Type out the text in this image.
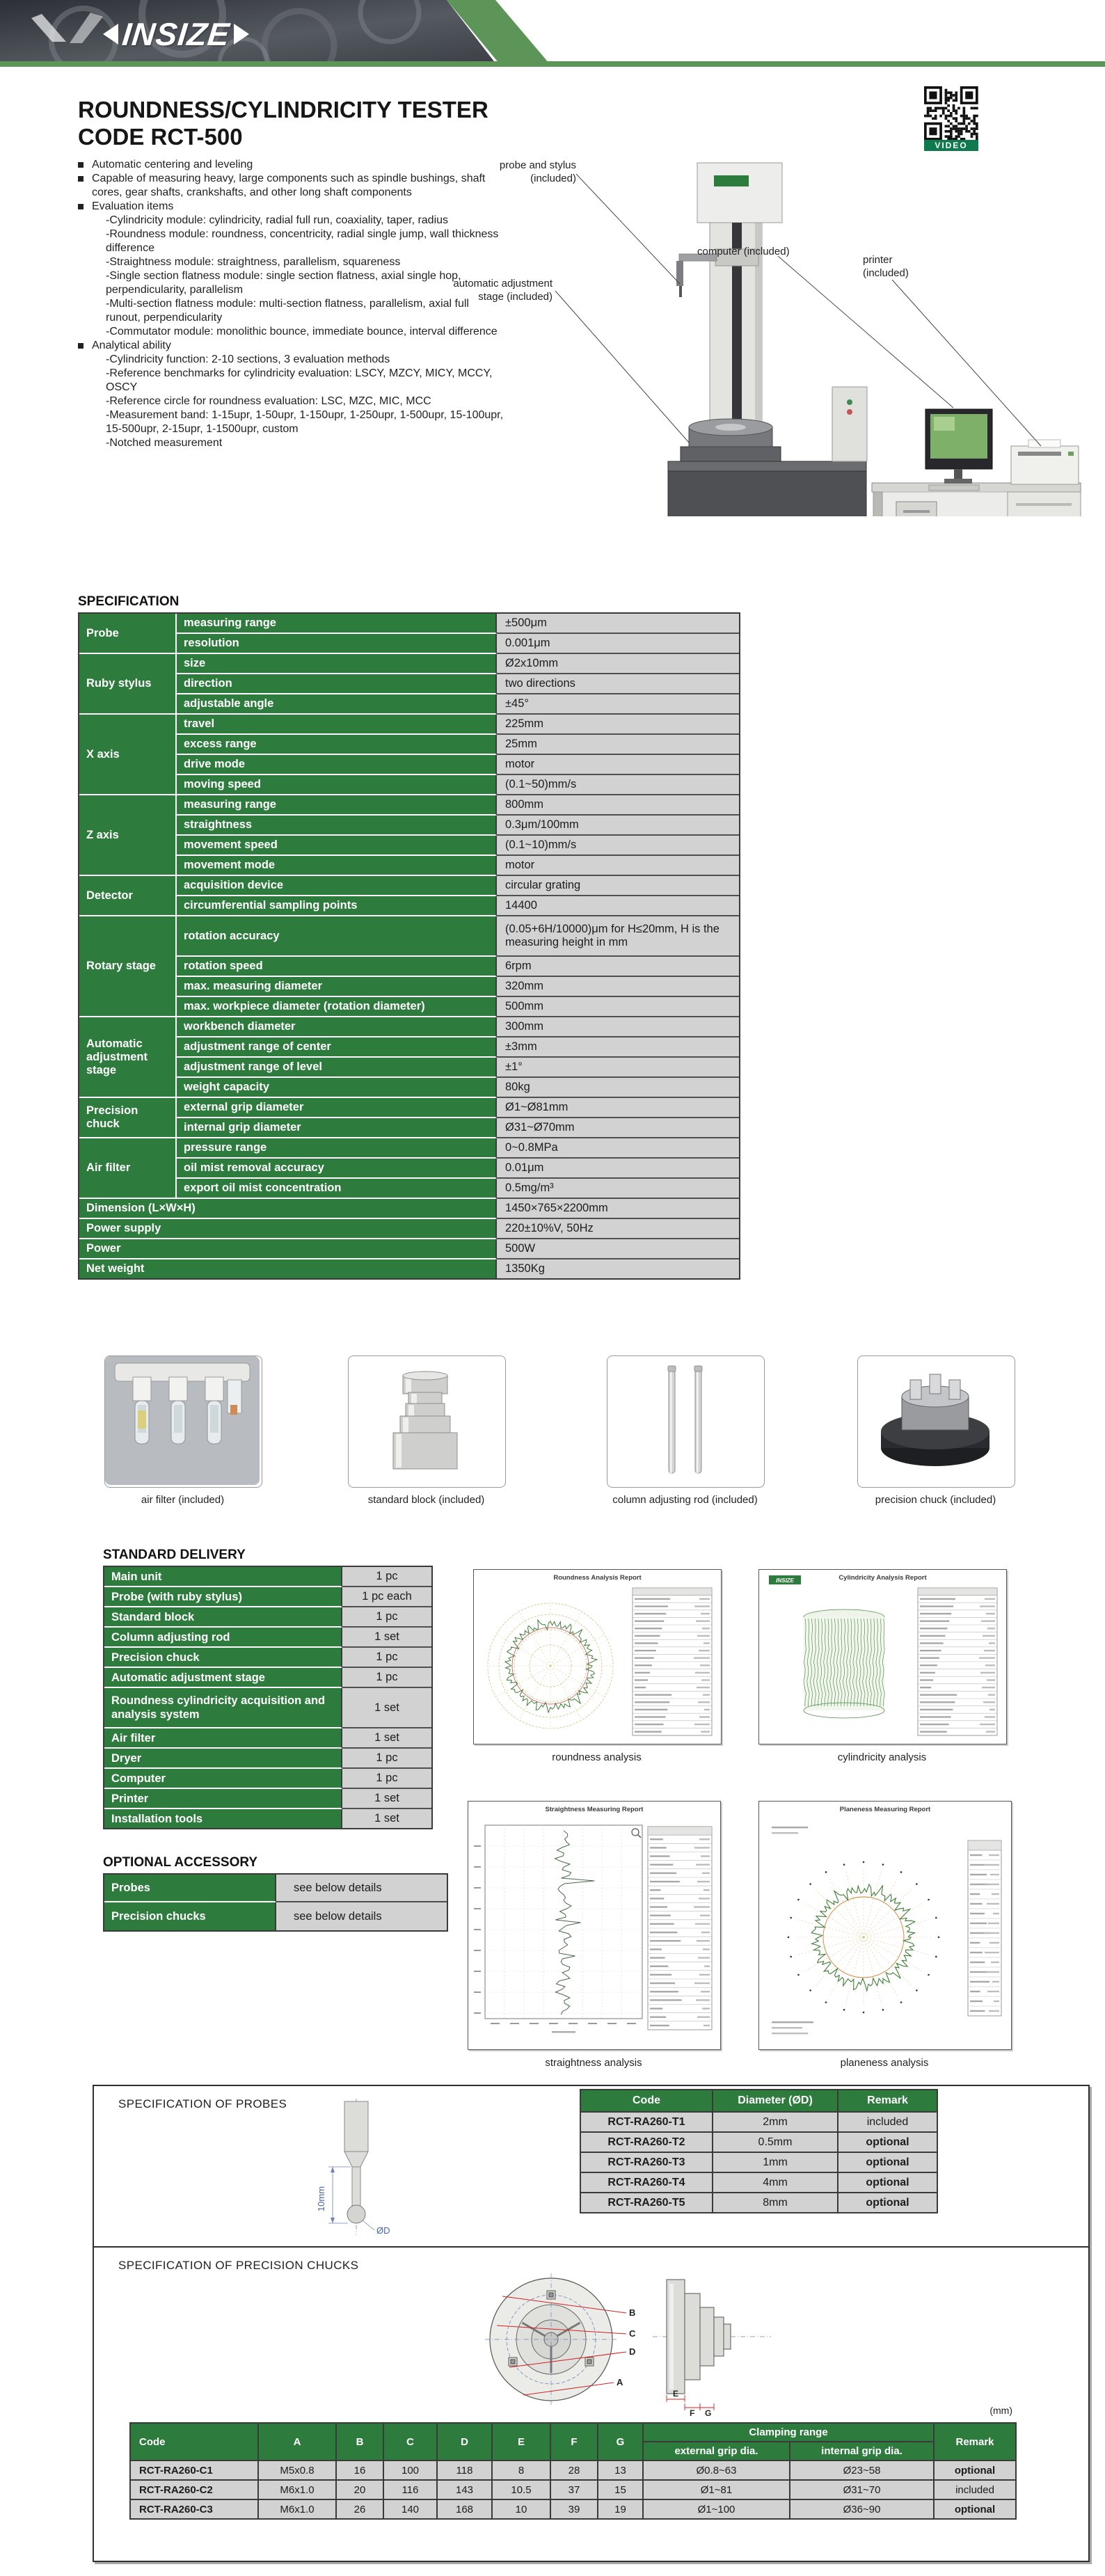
INSIZE
ROUNDNESS/CYLINDRICITY TESTER
CODE RCT-500	VIDEO
Automatic centering and leveling
Capable of measuring heavy, large components such as spindle bushings, shaft cores, gear shafts, crankshafts, and other long shaft components
Evaluation items
-Cylindricity module: cylindricity, radial full run, coaxiality, taper, radius
-Roundness module: roundness, concentricity, radial single jump, wall thickness difference
-Straightness module: straightness, parallelism, squareness
-Single section flatness module: single section flatness, axial single hop, perpendicularity, parallelism
-Multi-section flatness module: multi-section flatness, parallelism, axial full runout, perpendicularity
-Commutator module: monolithic bounce, immediate bounce, interval difference
Analytical ability
-Cylindricity function: 2-10 sections, 3 evaluation methods
-Reference benchmarks for cylindricity evaluation: LSCY, MZCY, MICY, MCCY, OSCY
-Reference circle for roundness evaluation: LSC, MZC, MIC, MCC
-Measurement band: 1-15upr, 1-50upr, 1-150upr, 1-250upr, 1-500upr, 15-100upr, 15-500upr, 2-15upr, 1-1500upr, custom
-Notched measurement
probe and stylus (included)
automatic adjustment stage (included)
computer (included)
printer (included)
SPECIFICATION
Probe	measuring range	±500μm
	resolution	0.001μm
Ruby stylus	size	Ø2x10mm
	direction	two directions
	adjustable angle	±45°
X axis	travel	225mm
	excess range	25mm
	drive mode	motor
	moving speed	(0.1~50)mm/s
Z axis	measuring range	800mm
	straightness	0.3μm/100mm
	movement speed	(0.1~10)mm/s
	movement mode	motor
Detector	acquisition device	circular grating
	circumferential sampling points	14400
Rotary stage	rotation accuracy	(0.05+6H/10000)μm for H≤20mm, H is the measuring height in mm
	rotation speed	6rpm
	max. measuring diameter	320mm
	max. workpiece diameter (rotation diameter)	500mm
Automatic adjustment stage	workbench diameter	300mm
	adjustment range of center	±3mm
	adjustment range of level	±1°
	weight capacity	80kg
Precision chuck	external grip diameter	Ø1~Ø81mm
	internal grip diameter	Ø31~Ø70mm
Air filter	pressure range	0~0.8MPa
	oil mist removal accuracy	0.01μm
	export oil mist concentration	0.5mg/m³
Dimension (L×W×H)		1450×765×2200mm
Power supply		220±10%V, 50Hz
Power		500W
Net weight		1350Kg
air filter (included)	standard block (included)	column adjusting rod (included)	precision chuck (included)
STANDARD DELIVERY
Main unit	1 pc
Probe (with ruby stylus)	1 pc each
Standard block	1 pc
Column adjusting rod	1 set
Precision chuck	1 pc
Automatic adjustment stage	1 pc
Roundness cylindricity acquisition and analysis system	1 set
Air filter	1 set
Dryer	1 pc
Computer	1 pc
Printer	1 set
Installation tools	1 set
OPTIONAL ACCESSORY
Probes	see below details
Precision chucks	see below details
Roundness Analysis Report
roundness analysis
Cylindricity Analysis Report
INSIZE
cylindricity analysis
Straightness Measuring Report
straightness analysis
Planeness Measuring Report
planeness analysis
SPECIFICATION OF PROBES
10mm
ØD
Code	Diameter (ØD)	Remark
RCT-RA260-T1	2mm	included
RCT-RA260-T2	0.5mm	optional
RCT-RA260-T3	1mm	optional
RCT-RA260-T4	4mm	optional
RCT-RA260-T5	8mm	optional
SPECIFICATION OF PRECISION CHUCKS
B
C
D
A
E
F G	(mm)
Code	A	B	C	D	E	F	G	Clamping range		Remark
								external grip dia.	internal grip dia.	
RCT-RA260-C1	M5x0.8	16	100	118	8	28	13	Ø0.8~63	Ø23~58	optional
RCT-RA260-C2	M6x1.0	20	116	143	10.5	37	15	Ø1~81	Ø31~70	included
RCT-RA260-C3	M6x1.0	26	140	168	10	39	19	Ø1~100	Ø36~90	optional
